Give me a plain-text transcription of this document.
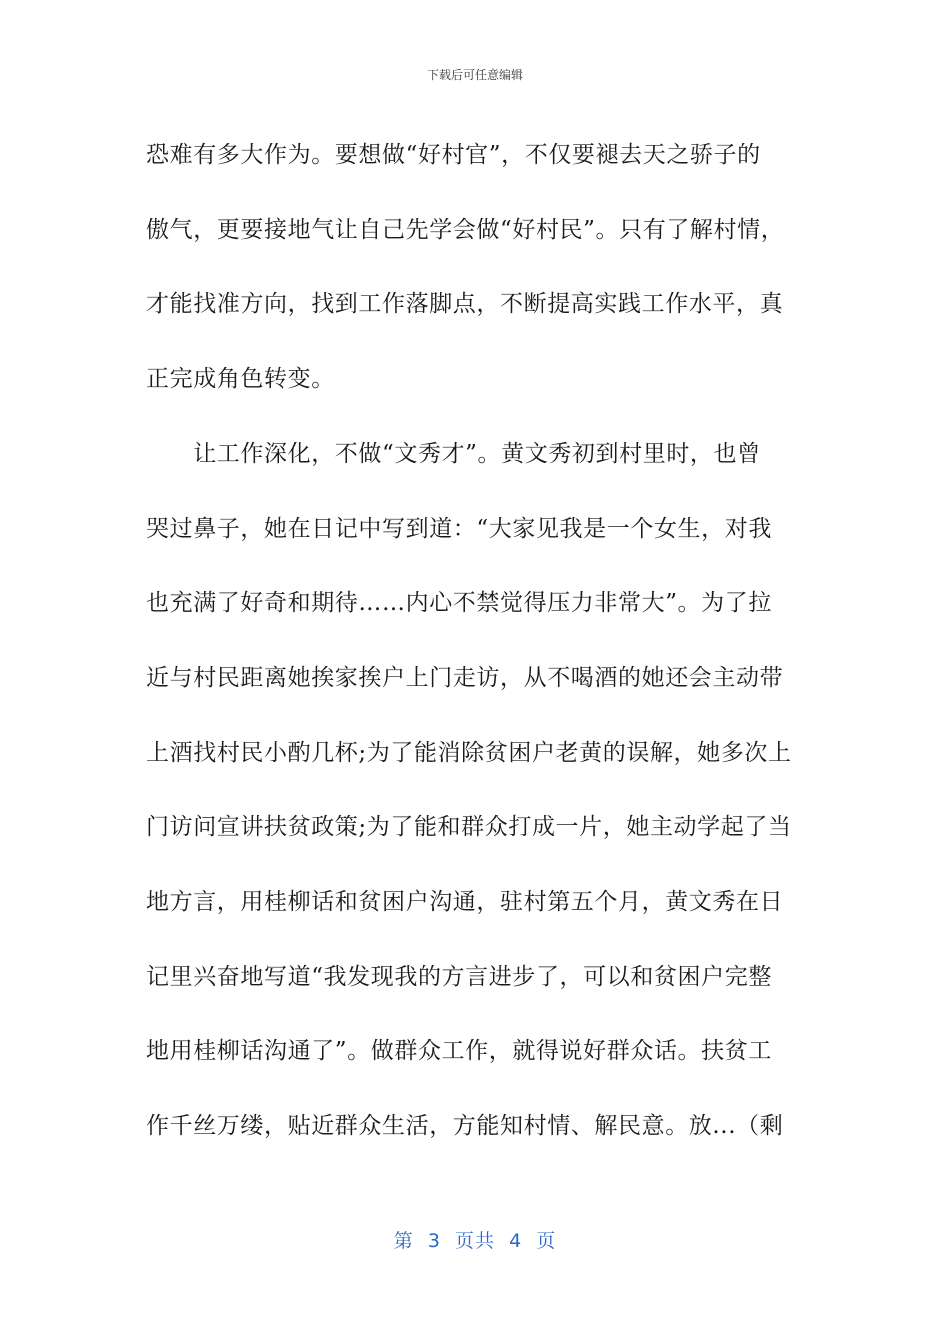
下载后可任意编辑

恐难有多大作为。要想做“好村官”，不仅要褪去天之骄子的
傲气，更要接地气让自己先学会做“好村民”。只有了解村情，
才能找准方向，找到工作落脚点，不断提高实践工作水平，真
正完成角色转变。

　　让工作深化，不做“文秀才”。黄文秀初到村里时，也曾
哭过鼻子，她在日记中写到道：“大家见我是一个女生，对我
也充满了好奇和期待……内心不禁觉得压力非常大”。为了拉
近与村民距离她挨家挨户上门走访，从不喝酒的她还会主动带
上酒找村民小酌几杯;为了能消除贫困户老黄的误解，她多次上
门访问宣讲扶贫政策;为了能和群众打成一片，她主动学起了当
地方言，用桂柳话和贫困户沟通，驻村第五个月，黄文秀在日
记里兴奋地写道“我发现我的方言进步了，可以和贫困户完整
地用桂柳话沟通了”。做群众工作，就得说好群众话。扶贫工
作千丝万缕，贴近群众生活，方能知村情、解民意。放...（剩

第  3  页共  4  页
